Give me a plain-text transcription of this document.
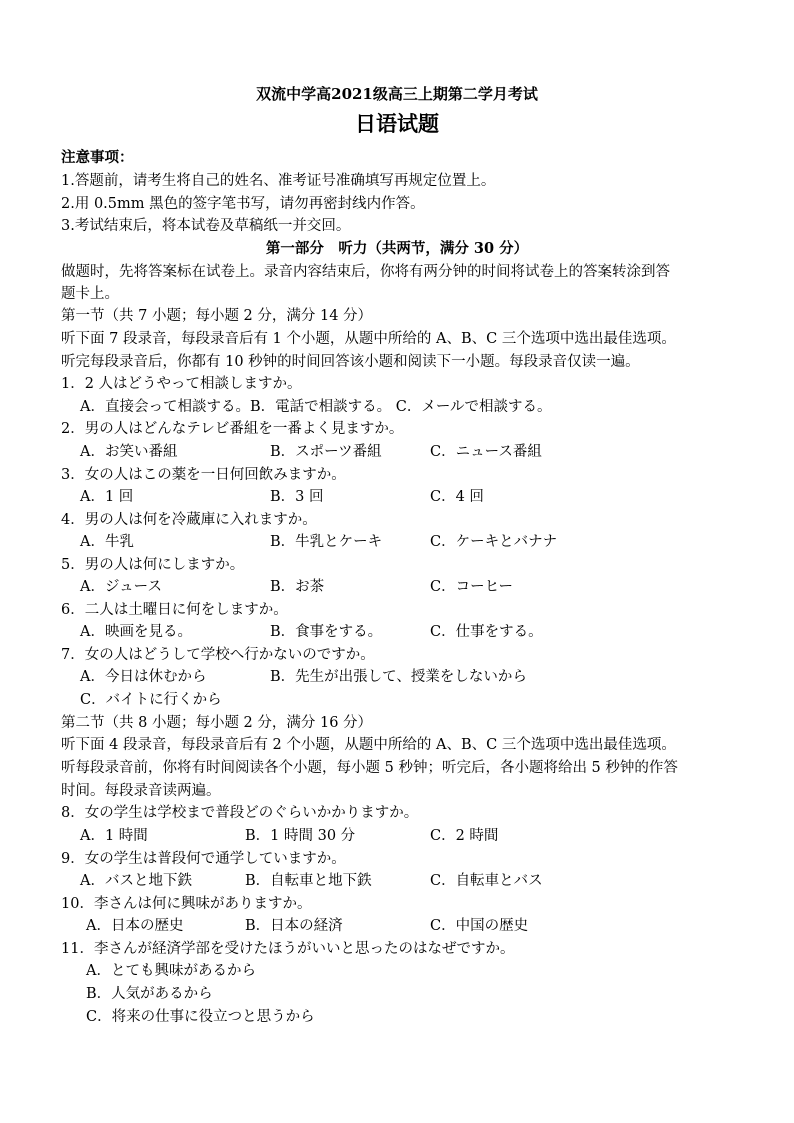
双流中学高2021级高三上期第二学月考试
日语试题
注意事项：
1.答题前，请考生将自己的姓名、准考证号准确填写再规定位置上。
2.用 0.5mm 黑色的签字笔书写，请勿再密封线内作答。
3.考试结束后，将本试卷及草稿纸一并交回。
第一部分　听力（共两节，满分 30 分）
做题时，先将答案标在试卷上。录音内容结束后，你将有两分钟的时间将试卷上的答案转涂到答
题卡上。
第一节（共 7 小题；每小题 2 分，满分 14 分）
听下面 7 段录音，每段录音后有 1 个小题，从题中所给的 A、B、C 三个选项中选出最佳选项。
听完每段录音后，你都有 10 秒钟的时间回答该小题和阅读下一小题。每段录音仅读一遍。
1．2 人はどうやって相談しますか。
A．直接会って相談する。B．電話で相談する。 C．メールで相談する。
2．男の人はどんなテレビ番組を一番よく見ますか。
A．お笑い番組	B．スポーツ番組	C．ニュース番組
3．女の人はこの薬を一日何回飲みますか。
A．1 回	B．3 回	C．4 回
4．男の人は何を冷蔵庫に入れますか。
A．牛乳	B．牛乳とケーキ	C．ケーキとバナナ
5．男の人は何にしますか。
A．ジュース	B．お茶	C．コーヒー
6．二人は土曜日に何をしますか。
A．映画を見る。	B．食事をする。	C．仕事をする。
7．女の人はどうして学校へ行かないのですか。
A．今日は休むから	B．先生が出張して、授業をしないから
C．バイトに行くから
第二节（共 8 小题；每小题 2 分，满分 16 分）
听下面 4 段录音，每段录音后有 2 个小题，从题中所给的 A、B、C 三个选项中选出最佳选项。
听每段录音前，你将有时间阅读各个小题，每小题 5 秒钟；听完后，各小题将给出 5 秒钟的作答
时间。每段录音读两遍。
8．女の学生は学校まで普段どのぐらいかかりますか。
A．1 時間	B．1 時間 30 分	C．2 時間
9．女の学生は普段何で通学していますか。
A．バスと地下鉄	B．自転車と地下鉄	C．自転車とバス
10．李さんは何に興味がありますか。
A．日本の歴史	B．日本の経済	C．中国の歴史
11．李さんが経済学部を受けたほうがいいと思ったのはなぜですか。
A．とても興味があるから
B．人気があるから
C．将来の仕事に役立つと思うから
